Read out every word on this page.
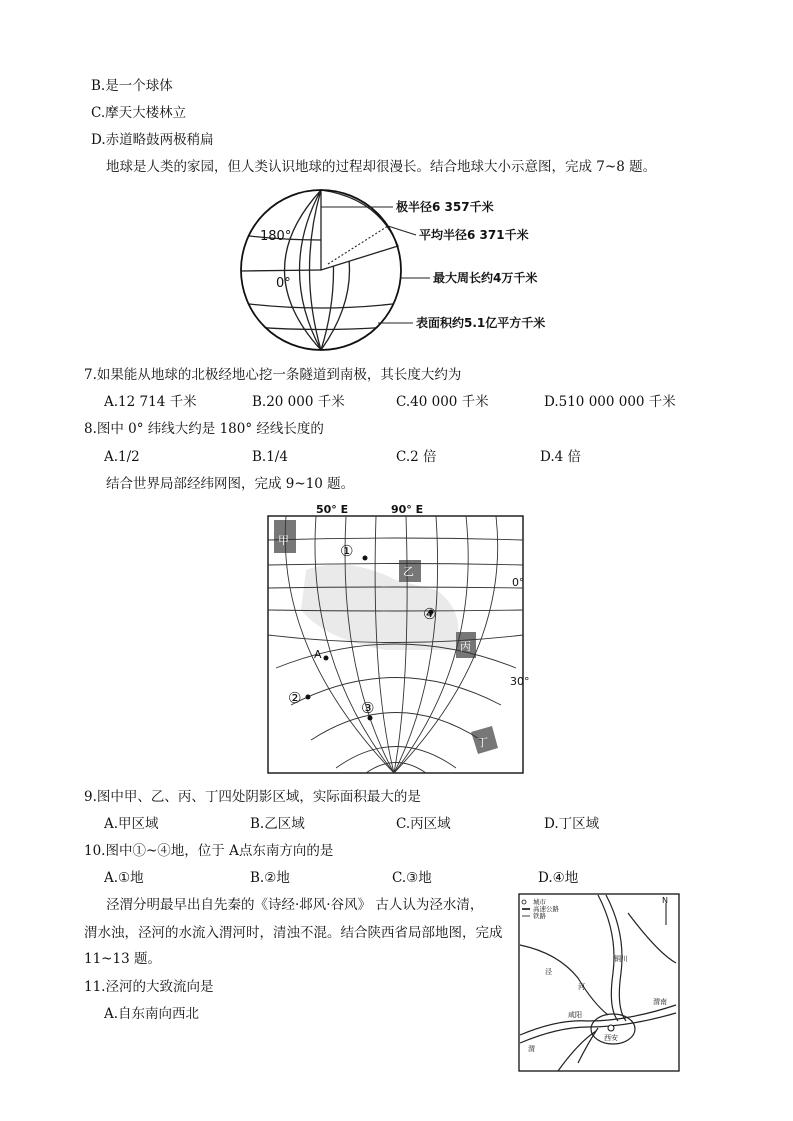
B.是一个球体
C.摩天大楼林立
D.赤道略鼓两极稍扁
地球是人类的家园，但人类认识地球的过程却很漫长。结合地球大小示意图，完成 7~8 题。
180°
0°
极半径6 357千米
平均半径6 371千米
最大周长约4万千米
表面积约5.1亿平方千米
7.如果能从地球的北极经地心挖一条隧道到南极，其长度大约为
A.12 714 千米	B.20 000 千米	C.40 000 千米	D.510 000 000 千米
8.图中 0° 纬线大约是 180° 经线长度的
A.1/2	B.1/4	C.2 倍	D.4 倍
结合世界局部经纬网图，完成 9~10 题。
50° E	90° E
0°
30°
甲
乙
丙
丁
①
④
A
②
③
9.图中甲、乙、丙、丁四处阴影区域，实际面积最大的是
A.甲区域	B.乙区域	C.丙区域	D.丁区域
10.图中①~④地，位于 A点东南方向的是
A.①地	B.②地	C.③地	D.④地
泾渭分明最早出自先秦的《诗经·邶风·谷风》 古人认为泾水清，
渭水浊，泾河的水流入渭河时，清浊不混。结合陕西省局部地图，完成
11~13 题。
11.泾河的大致流向是
A.自东南向西北
城市
高速公路
铁路
N
铜川
泾
河
渭南
咸阳
西安
渭
